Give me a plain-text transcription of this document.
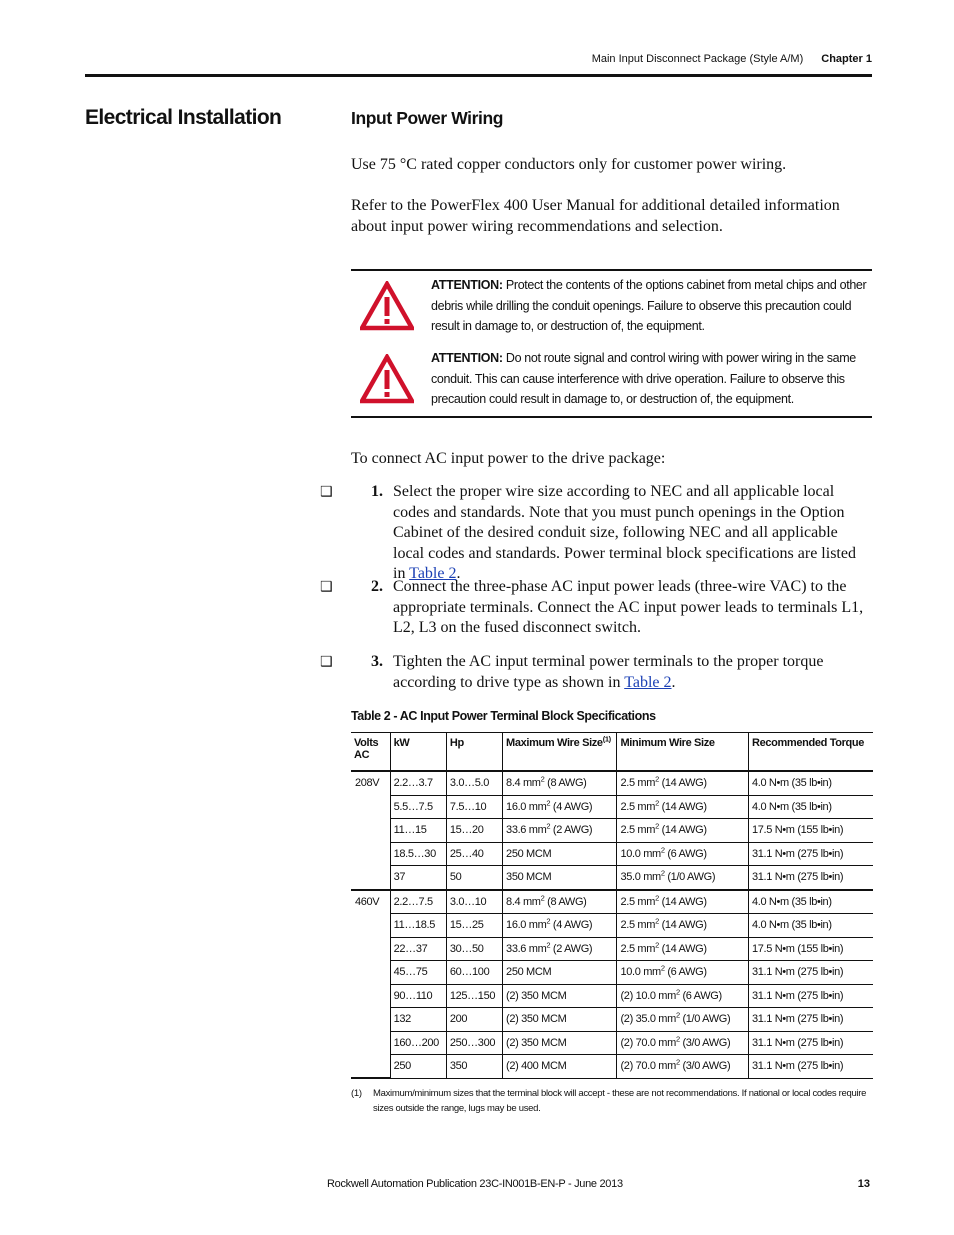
Main Input Disconnect Package (Style A/M) Chapter 1
Electrical Installation	Input Power Wiring
Use 75 °C rated copper conductors only for customer power wiring.
Refer to the PowerFlex 400 User Manual for additional detailed information about input power wiring recommendations and selection.
ATTENTION: Protect the contents of the options cabinet from metal chips and other debris while drilling the conduit openings. Failure to observe this precaution could result in damage to, or destruction of, the equipment.
ATTENTION: Do not route signal and control wiring with power wiring in the same conduit. This can cause interference with drive operation. Failure to observe this precaution could result in damage to, or destruction of, the equipment.
To connect AC input power to the drive package:
❑ 1. Select the proper wire size according to NEC and all applicable local codes and standards. Note that you must punch openings in the Option Cabinet of the desired conduit size, following NEC and all applicable local codes and standards. Power terminal block specifications are listed in Table 2.
❑ 2. Connect the three-phase AC input power leads (three-wire VAC) to the appropriate terminals. Connect the AC input power leads to terminals L1, L2, L3 on the fused disconnect switch.
❑ 3. Tighten the AC input terminal power terminals to the proper torque according to drive type as shown in Table 2.
Table 2 - AC Input Power Terminal Block Specifications
Volts AC	kW	Hp	Maximum Wire Size$^{(1)}$	Minimum Wire Size	Recommended Torque
208V	2.2…3.7	3.0…5.0	8.4 $mm^2$ (8 AWG)	2.5 $mm^2$ (14 AWG)	4.0 N•m (35 lb•in)
	5.5…7.5	7.5…10	16.0 $mm^2$ (4 AWG)	2.5 $mm^2$ (14 AWG)	4.0 N•m (35 lb•in)
	11…15	15…20	33.6 $mm^2$ (2 AWG)	2.5 $mm^2$ (14 AWG)	17.5 N•m (155 lb•in)
	18.5…30	25…40	250 MCM	10.0 $mm^2$ (6 AWG)	31.1 N•m (275 lb•in)
	37	50	350 MCM	35.0 $mm^2$ (1/0 AWG)	31.1 N•m (275 lb•in)
460V	2.2…7.5	3.0…10	8.4 $mm^2$ (8 AWG)	2.5 $mm^2$ (14 AWG)	4.0 N•m (35 lb•in)
	11…18.5	15…25	16.0 $mm^2$ (4 AWG)	2.5 $mm^2$ (14 AWG)	4.0 N•m (35 lb•in)
	22…37	30…50	33.6 $mm^2$ (2 AWG)	2.5 $mm^2$ (14 AWG)	17.5 N•m (155 lb•in)
	45…75	60…100	250 MCM	10.0 $mm^2$ (6 AWG)	31.1 N•m (275 lb•in)
	90…110	125…150	(2) 350 MCM	(2) 10.0 $mm^2$ (6 AWG)	31.1 N•m (275 lb•in)
	132	200	(2) 350 MCM	(2) 35.0 $mm^2$ (1/0 AWG)	31.1 N•m (275 lb•in)
	160…200	250…300	(2) 350 MCM	(2) 70.0 $mm^2$ (3/0 AWG)	31.1 N•m (275 lb•in)
	250	350	(2) 400 MCM	(2) 70.0 $mm^2$ (3/0 AWG)	31.1 N•m (275 lb•in)
(1) Maximum/minimum sizes that the terminal block will accept - these are not recommendations. If national or local codes require sizes outside the range, lugs may be used.
Rockwell Automation Publication 23C-IN001B-EN-P - June 2013	13
